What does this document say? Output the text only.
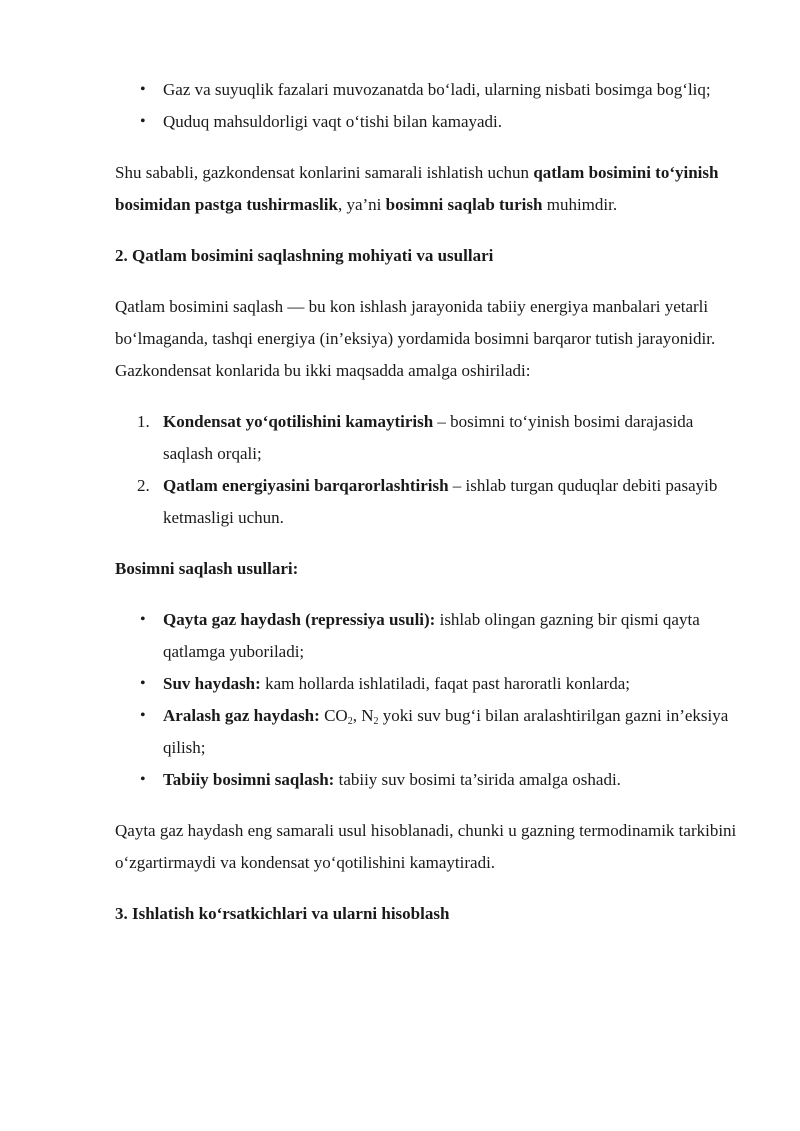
• Gaz va suyuqlik fazalari muvozanatda bo‘ladi, ularning nisbati bosimga bog‘liq;
• Quduq mahsuldorligi vaqt o‘tishi bilan kamayadi.

Shu sababli, gazkondensat konlarini samarali ishlatish uchun qatlam bosimini to‘yinish bosimidan pastga tushirmaslik, ya’ni bosimni saqlab turish muhimdir.

2. Qatlam bosimini saqlashning mohiyati va usullari

Qatlam bosimini saqlash — bu kon ishlash jarayonida tabiiy energiya manbalari yetarli bo‘lmaganda, tashqi energiya (in’eksiya) yordamida bosimni barqaror tutish jarayonidir. Gazkondensat konlarida bu ikki maqsadda amalga oshiriladi:

1. Kondensat yo‘qotilishini kamaytirish – bosimni to‘yinish bosimi darajasida saqlash orqali;
2. Qatlam energiyasini barqarorlashtirish – ishlab turgan quduqlar debiti pasayib ketmasligi uchun.
Bosimni saqlash usullari:
• Qayta gaz haydash (repressiya usuli): ishlab olingan gazning bir qismi qayta qatlamga yuboriladi;
• Suv haydash: kam hollarda ishlatiladi, faqat past haroratli konlarda;
• Aralash gaz haydash: $CO_2$, $N_2$ yoki suv bug‘i bilan aralashtirilgan gazni in’eksiya qilish;
• Tabiiy bosimni saqlash: tabiiy suv bosimi ta’sirida amalga oshadi.

Qayta gaz haydash eng samarali usul hisoblanadi, chunki u gazning termodinamik tarkibini o‘zgartirmaydi va kondensat yo‘qotilishini kamaytiradi.

3. Ishlatish ko‘rsatkichlari va ularni hisoblash
